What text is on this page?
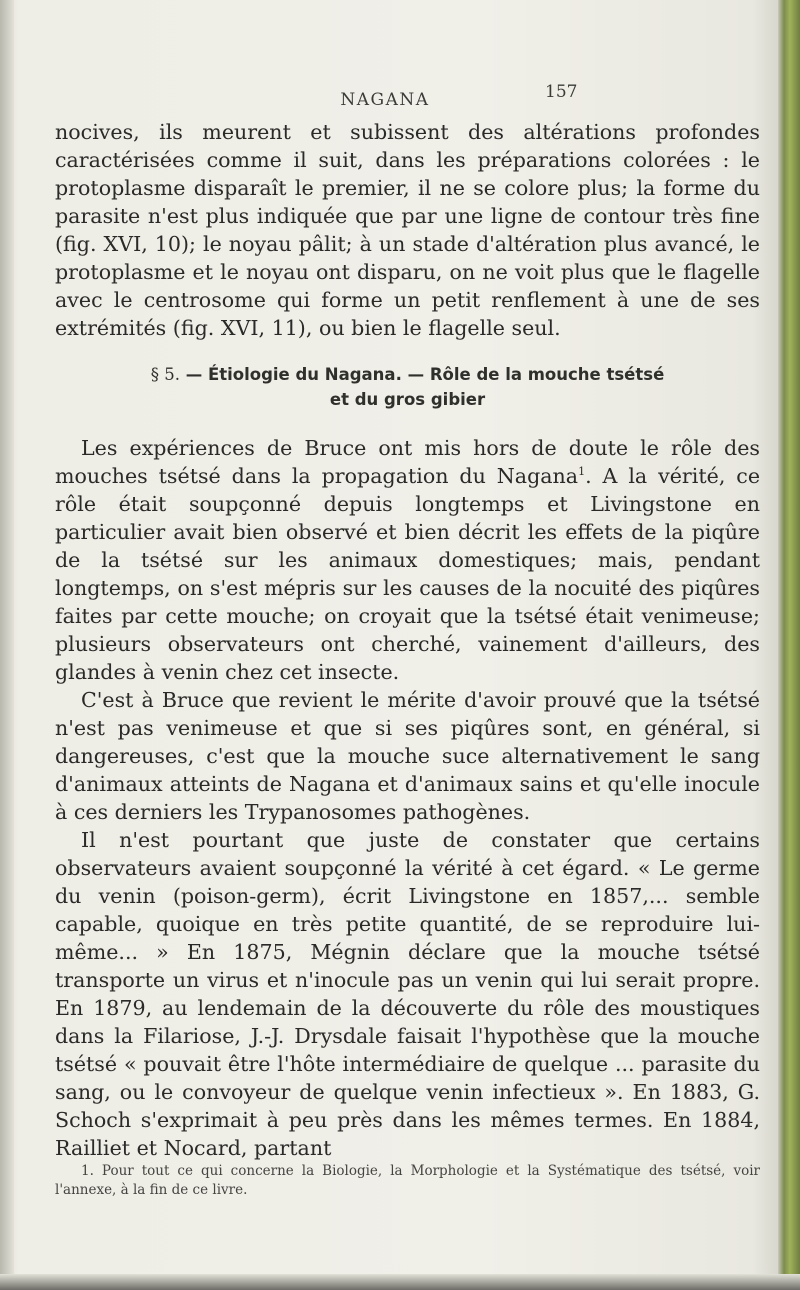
NAGANA	157

nocives, ils meurent et subissent des altérations profondes caractérisées comme il suit, dans les préparations colorées : le protoplasme disparaît le premier, il ne se colore plus; la forme du parasite n'est plus indiquée que par une ligne de contour très fine (fig. XVI, 10); le noyau pâlit; à un stade d'altération plus avancé, le protoplasme et le noyau ont disparu, on ne voit plus que le flagelle avec le centrosome qui forme un petit renflement à une de ses extrémités (fig. XVI, 11), ou bien le flagelle seul.

§ 5. — Étiologie du Nagana. — Rôle de la mouche tsétsé
et du gros gibier

Les expériences de Bruce ont mis hors de doute le rôle des mouches tsétsé dans la propagation du Nagana$^1$. A la vérité, ce rôle était soupçonné depuis longtemps et Livingstone en particulier avait bien observé et bien décrit les effets de la piqûre de la tsétsé sur les animaux domestiques; mais, pendant longtemps, on s'est mépris sur les causes de la nocuité des piqûres faites par cette mouche; on croyait que la tsétsé était venimeuse; plusieurs observateurs ont cherché, vainement d'ailleurs, des glandes à venin chez cet insecte.

C'est à Bruce que revient le mérite d'avoir prouvé que la tsétsé n'est pas venimeuse et que si ses piqûres sont, en général, si dangereuses, c'est que la mouche suce alternativement le sang d'animaux atteints de Nagana et d'animaux sains et qu'elle inocule à ces derniers les Trypanosomes pathogènes.

Il n'est pourtant que juste de constater que certains observateurs avaient soupçonné la vérité à cet égard. « Le germe du venin (poison-germ), écrit Livingstone en 1857,... semble capable, quoique en très petite quantité, de se reproduire lui-même... » En 1875, Mégnin déclare que la mouche tsétsé transporte un virus et n'inocule pas un venin qui lui serait propre. En 1879, au lendemain de la découverte du rôle des moustiques dans la Filariose, J.-J. Drysdale faisait l'hypothèse que la mouche tsétsé « pouvait être l'hôte intermédiaire de quelque ... parasite du sang, ou le convoyeur de quelque venin infectieux ». En 1883, G. Schoch s'exprimait à peu près dans les mêmes termes. En 1884, Railliet et Nocard, partant

1. Pour tout ce qui concerne la Biologie, la Morphologie et la Systématique des tsétsé, voir l'annexe, à la fin de ce livre.
